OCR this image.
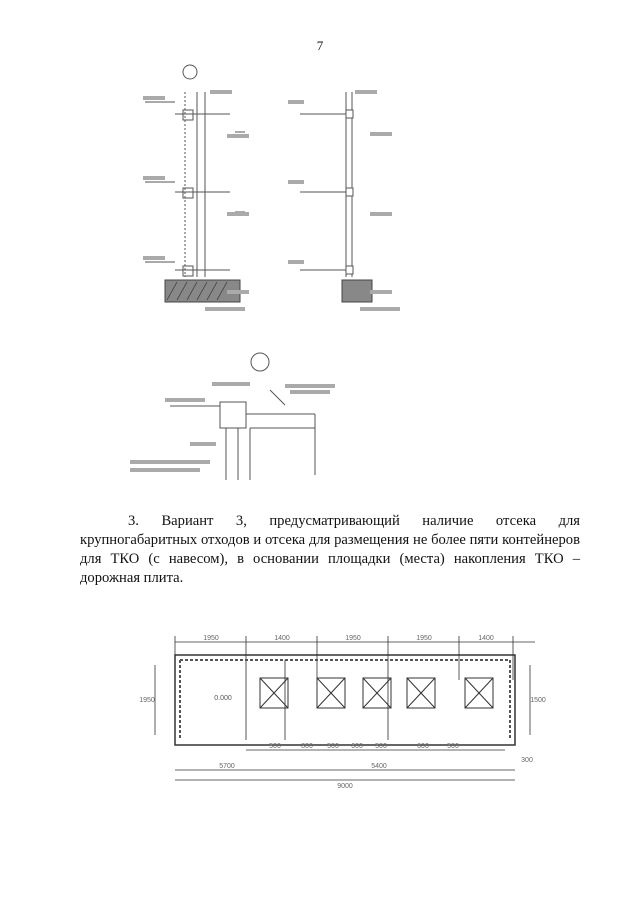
7
3. Вариант 3, предусматривающий наличие отсека для крупногабаритных отходов и отсека для размещения не более пяти контейнеров для ТКО (с навесом), в основании площадки (места) накопления ТКО – дорожная плита.
1950	1400	1950	1950	1400
0.000
500	800 500 600 500	600	500
5700	5400
9000
1950	1500
300
